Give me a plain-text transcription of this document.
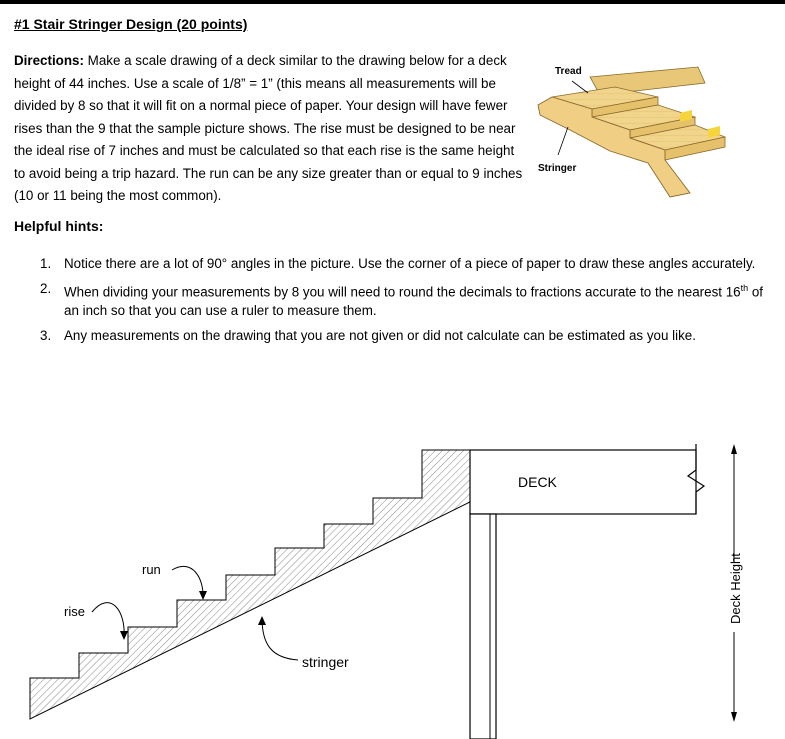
#1 Stair Stringer Design (20 points)
Directions: Make a scale drawing of a deck similar to the drawing below for a deck height of 44 inches. Use a scale of 1/8” = 1” (this means all measurements will be divided by 8 so that it will fit on a normal piece of paper. Your design will have fewer rises than the 9 that the sample picture shows. The rise must be designed to be near the ideal rise of 7 inches and must be calculated so that each rise is the same height to avoid being a trip hazard. The run can be any size greater than or equal to 9 inches (10 or 11 being the most common).
Tread
Stringer
Helpful hints:
1. Notice there are a lot of 90° angles in the picture. Use the corner of a piece of paper to draw these angles accurately.
2. When dividing your measurements by 8 you will need to round the decimals to fractions accurate to the nearest 16th of an inch so that you can use a ruler to measure them.
3. Any measurements on the drawing that you are not given or did not calculate can be estimated as you like.
Deck Height
DECK
run
rise
stringer
